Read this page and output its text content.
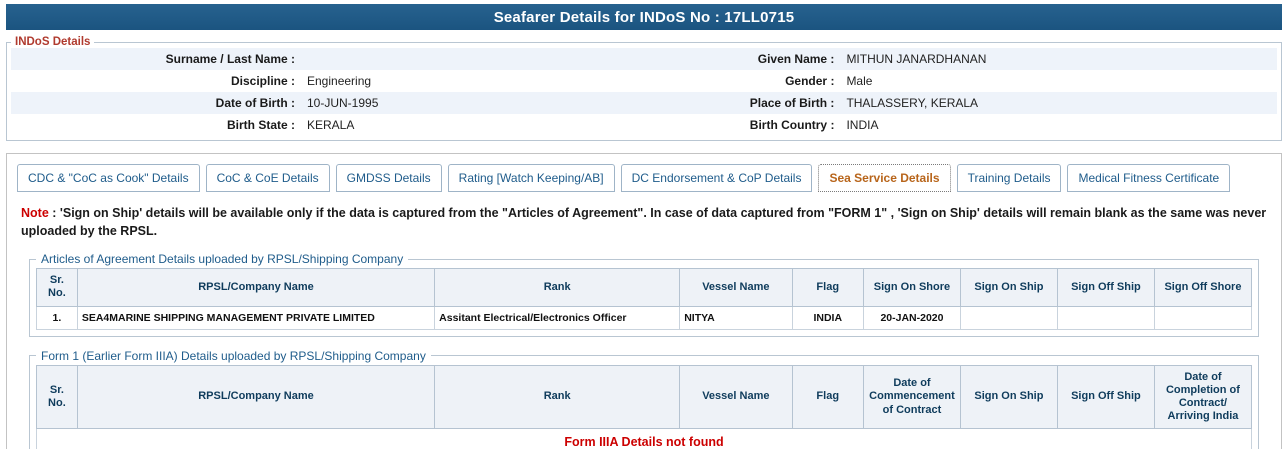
Seafarer Details for INDoS No : 17LL0715
INDoS Details
Surname / Last Name :		Given Name :	MITHUN JANARDHANAN
Discipline :	Engineering	Gender :	Male
Date of Birth :	10-JUN-1995	Place of Birth :	THALASSERY, KERALA
Birth State :	KERALA	Birth Country :	INDIA
CDC & "CoC as Cook" Details	CoC & CoE Details	GMDSS Details	Rating [Watch Keeping/AB]	DC Endorsement & CoP Details	Sea Service Details	Training Details	Medical Fitness Certificate
Note : 'Sign on Ship' details will be available only if the data is captured from the "Articles of Agreement". In case of data captured from "FORM 1" , 'Sign on Ship' details will remain blank as the same was never uploaded by the RPSL.
Articles of Agreement Details uploaded by RPSL/Shipping Company
Sr. No.	RPSL/Company Name	Rank	Vessel Name	Flag	Sign On Shore	Sign On Ship	Sign Off Ship	Sign Off Shore
1.	SEA4MARINE SHIPPING MANAGEMENT PRIVATE LIMITED	Assitant Electrical/Electronics Officer	NITYA	INDIA	20-JAN-2020			
Form 1 (Earlier Form IIIA) Details uploaded by RPSL/Shipping Company
Sr. No.	RPSL/Company Name	Rank	Vessel Name	Flag	Date of Commencement of Contract	Sign On Ship	Sign Off Ship	Date of Completion of Contract/ Arriving India
Form IIIA Details not found
